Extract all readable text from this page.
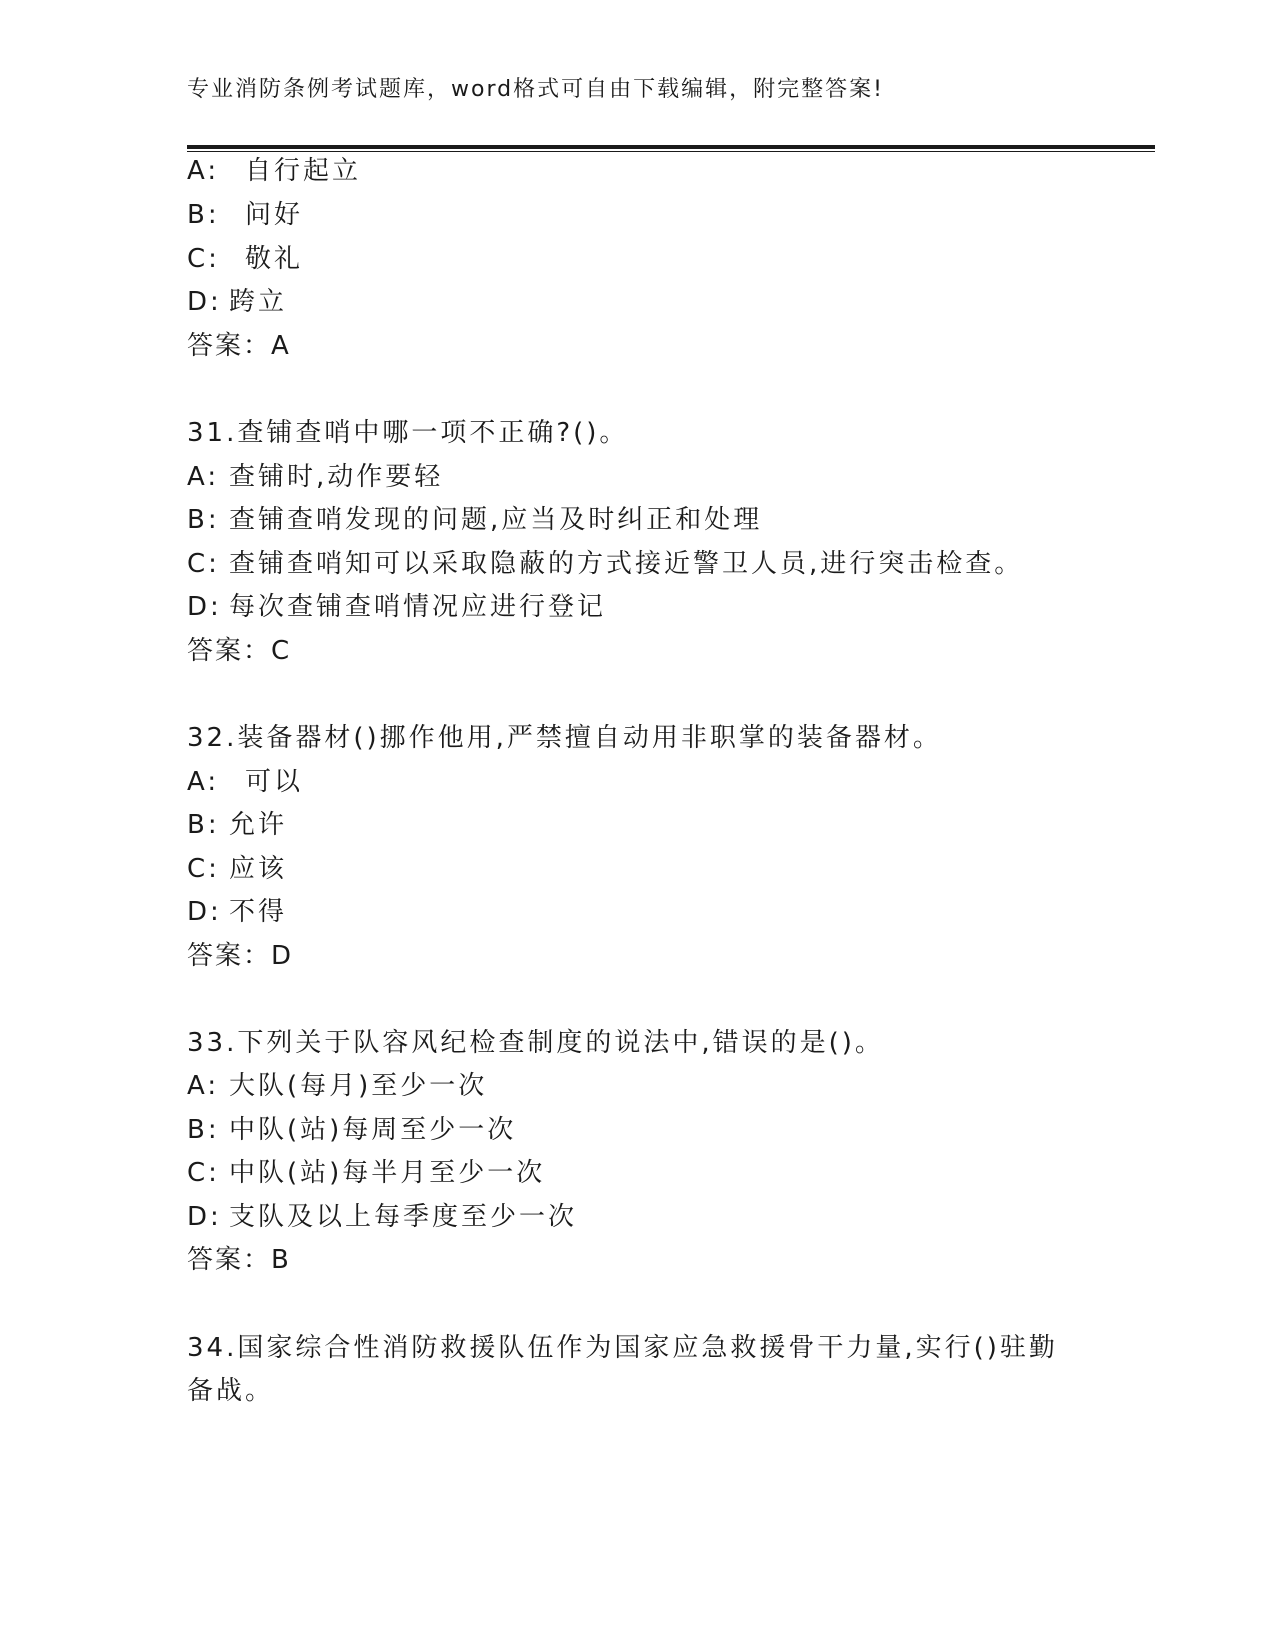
专业消防条例考试题库，word格式可自由下载编辑，附完整答案!
A: 自行起立
B: 问好
C: 敬礼
D: 跨立
答案：A
31.查铺查哨中哪一项不正确?()。
A: 查铺时,动作要轻
B: 查铺查哨发现的问题,应当及时纠正和处理
C: 查铺查哨知可以采取隐蔽的方式接近警卫人员,进行突击检查。
D: 每次查铺查哨情况应进行登记
答案：C
32.装备器材()挪作他用,严禁擅自动用非职掌的装备器材。
A: 可以
B: 允许
C: 应该
D: 不得
答案：D
33.下列关于队容风纪检查制度的说法中,错误的是()。
A: 大队(每月)至少一次
B: 中队(站)每周至少一次
C: 中队(站)每半月至少一次
D: 支队及以上每季度至少一次
答案：B
34.国家综合性消防救援队伍作为国家应急救援骨干力量,实行()驻勤
备战。
